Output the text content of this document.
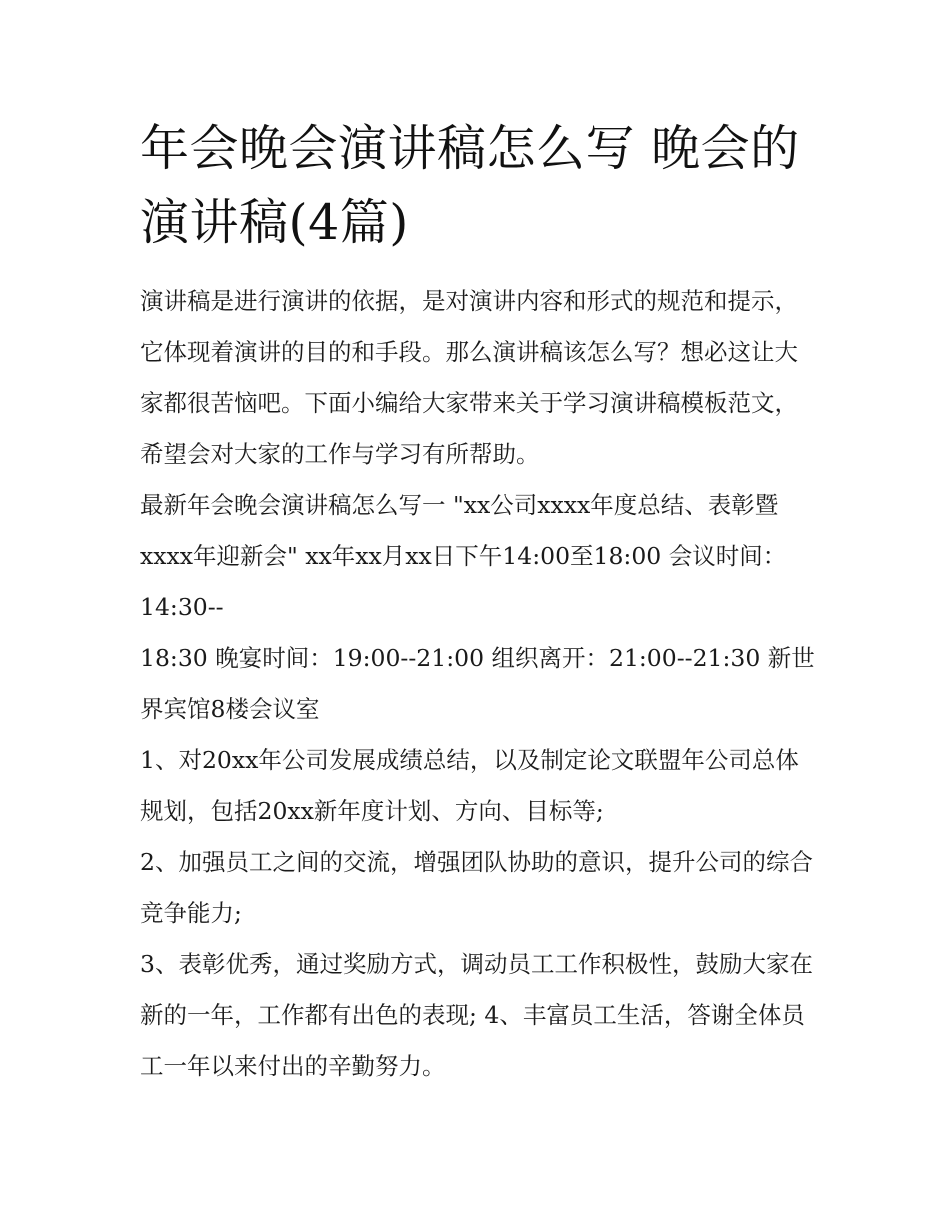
年会晚会演讲稿怎么写 晚会的演讲稿(4篇)

演讲稿是进行演讲的依据，是对演讲内容和形式的规范和提示，它体现着演讲的目的和手段。那么演讲稿该怎么写？想必这让大家都很苦恼吧。下面小编给大家带来关于学习演讲稿模板范文，希望会对大家的工作与学习有所帮助。

最新年会晚会演讲稿怎么写一 "xx公司xxxx年度总结、表彰暨xxxx年迎新会" xx年xx月xx日下午14:00至18:00 会议时间：14:30--

18:30 晚宴时间：19:00--21:00 组织离开：21:00--21:30 新世界宾馆8楼会议室

1、对20xx年公司发展成绩总结，以及制定论文联盟年公司总体规划，包括20xx新年度计划、方向、目标等;

2、加强员工之间的交流，增强团队协助的意识，提升公司的综合竞争能力;

3、表彰优秀，通过奖励方式，调动员工工作积极性，鼓励大家在新的一年，工作都有出色的表现; 4、丰富员工生活，答谢全体员工一年以来付出的辛勤努力。
